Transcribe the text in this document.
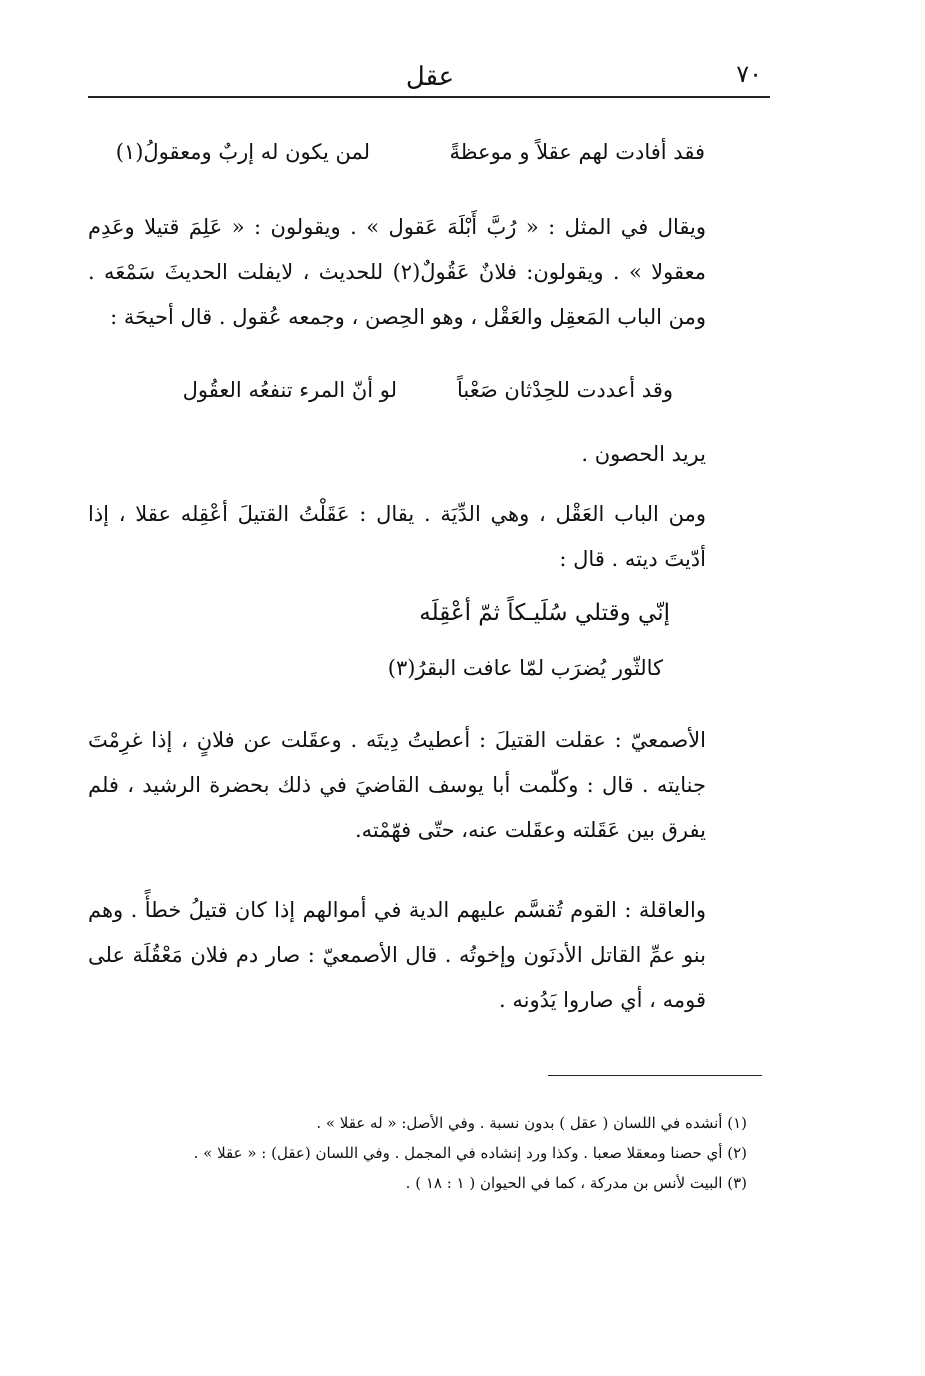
٧٠
عقل
فقد أفادت لهم عقلاً و موعظةً
لمن يكون له إربٌ ومعقولُ(١)
ويقال في المثل : « رُبَّ أَبْلَهَ عَقول » . ويقولون : « عَلِمَ قتيلا وعَدِم معقولا » . ويقولون: فلانٌ عَقُولٌ(٢) للحديث ، لايفلت الحديثَ سَمْعَه . ومن الباب المَعقِل والعَقْل ، وهو الحِصن ، وجمعه عُقول . قال أحيحَة :
وقد أعددت للحِدْثان صَعْباً
لو أنّ المرء تنفعُه العقُول
يريد الحصون .
ومن الباب العَقْل ، وهي الدِّيَة . يقال : عَقَلْتُ القتيلَ أعْقِله عقلا ، إذا أدّيتَ ديته . قال :
إنّي وقتلي سُلَيـكاً ثمّ أعْقِلَه
كالثّور يُضرَب لمّا عافت البقرُ(٣)
الأصمعيّ : عقلت القتيلَ : أعطيتُ دِيتَه . وعقَلت عن فلانٍ ، إذا غرِمْتَ جنايته . قال : وكلّمت أبا يوسف القاضيَ في ذلك بحضرة الرشيد ، فلم يفرق بين عَقَلته وعقَلت عنه، حتّى فهّمْته.
والعاقلة : القوم تُقسَّم عليهم الدية في أموالهم إذا كان قتيلُ خطأً . وهم بنو عمِّ القاتل الأدنَون وإخوتُه . قال الأصمعيّ : صار دم فلان مَعْقُلَة على قومه ، أي صاروا يَدُونه .
(١) أنشده في اللسان ( عقل ) بدون نسبة . وفي الأصل: « له عقلا » .
(٢) أي حصنا ومعقلا صعبا . وكذا ورد إنشاده في المجمل . وفي اللسان (عقل) : « عقلا » .
(٣) البيت لأنس بن مدركة ، كما في الحيوان ( ١ : ١٨ ) .
